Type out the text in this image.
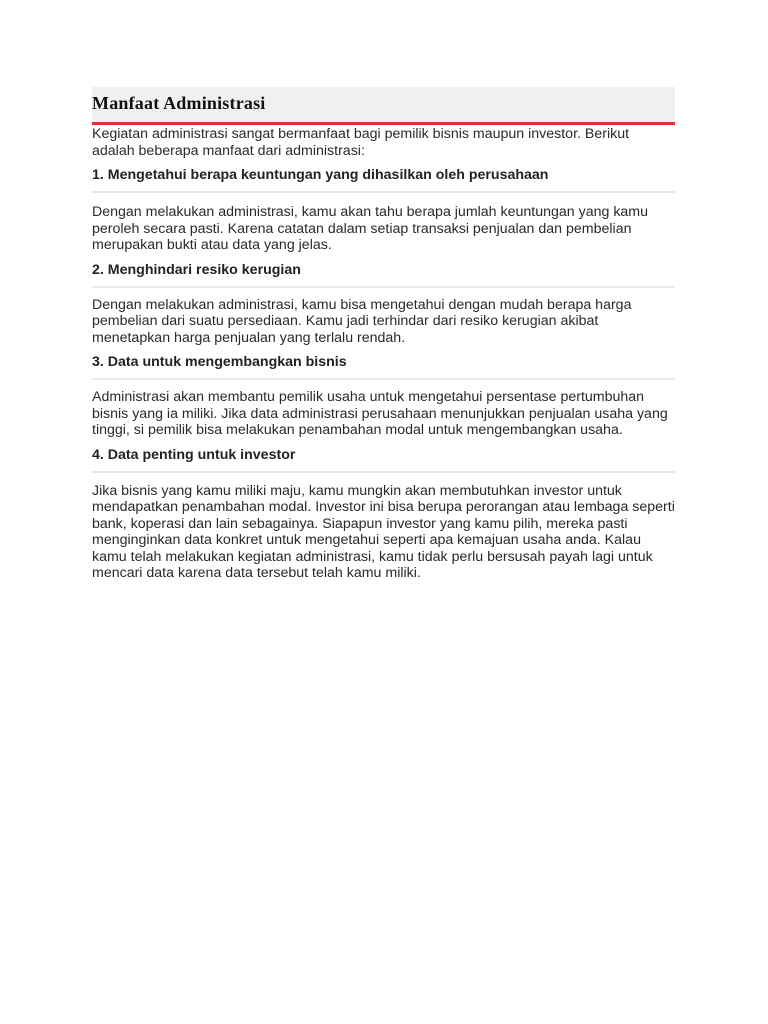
Manfaat Administrasi

Kegiatan administrasi sangat bermanfaat bagi pemilik bisnis maupun investor. Berikut adalah beberapa manfaat dari administrasi:

1. Mengetahui berapa keuntungan yang dihasilkan oleh perusahaan

Dengan melakukan administrasi, kamu akan tahu berapa jumlah keuntungan yang kamu peroleh secara pasti. Karena catatan dalam setiap transaksi penjualan dan pembelian merupakan bukti atau data yang jelas.

2. Menghindari resiko kerugian

Dengan melakukan administrasi, kamu bisa mengetahui dengan mudah berapa harga pembelian dari suatu persediaan. Kamu jadi terhindar dari resiko kerugian akibat menetapkan harga penjualan yang terlalu rendah.

3. Data untuk mengembangkan bisnis

Administrasi akan membantu pemilik usaha untuk mengetahui persentase pertumbuhan bisnis yang ia miliki. Jika data administrasi perusahaan menunjukkan penjualan usaha yang tinggi, si pemilik bisa melakukan penambahan modal untuk mengembangkan usaha.

4. Data penting untuk investor

Jika bisnis yang kamu miliki maju, kamu mungkin akan membutuhkan investor untuk mendapatkan penambahan modal. Investor ini bisa berupa perorangan atau lembaga seperti bank, koperasi dan lain sebagainya. Siapapun investor yang kamu pilih, mereka pasti menginginkan data konkret untuk mengetahui seperti apa kemajuan usaha anda. Kalau kamu telah melakukan kegiatan administrasi, kamu tidak perlu bersusah payah lagi untuk mencari data karena data tersebut telah kamu miliki.
